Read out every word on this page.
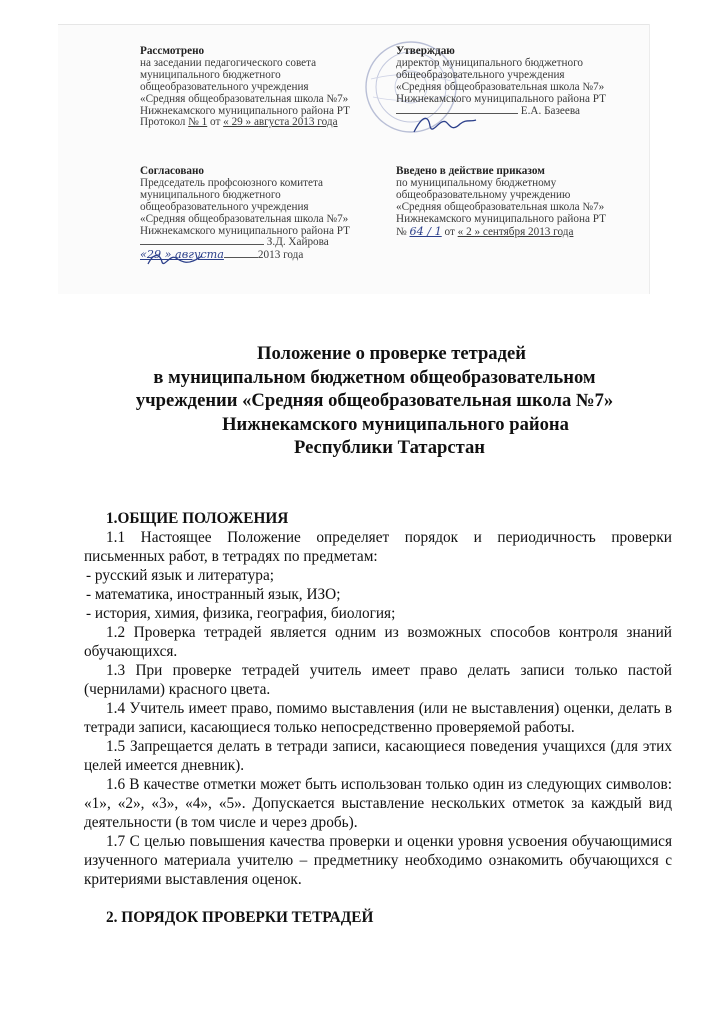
Рассмотрено

на заседании педагогического совета

муниципального бюджетного

общеобразовательного учреждения

«Средняя общеобразовательная школа №7»

Нижнекамского муниципального района РТ

Протокол № 1 от « 29 » августа 2013 года

Утверждаю

директор муниципального бюджетного

общеобразовательного учреждения

«Средняя общеобразовательная школа №7»

Нижнекамского муниципального района РТ

Е.А. Базеева

Согласовано

Председатель профсоюзного комитета

муниципального бюджетного

общеобразовательного учреждения

«Средняя общеобразовательная школа №7»

Нижнекамского муниципального района РТ

З.Д. Хайрова

«29 » августа	2013 года

Введено в действие приказом

по муниципальному бюджетному

общеобразовательному учреждению

«Средняя общеобразовательная школа №7»

Нижнекамского муниципального района РТ

№ 64 / 1 от « 2 » сентября 2013 года

Положение о проверке тетрадей

в муниципальном бюджетном общеобразовательном

учреждении «Средняя общеобразовательная школа №7»

Нижнекамского муниципального района

Республики Татарстан

1.ОБЩИЕ ПОЛОЖЕНИЯ

1.1 Настоящее Положение определяет порядок и периодичность проверки письменных работ, в тетрадях по предметам:

- русский язык и литература;

- математика, иностранный язык, ИЗО;

- история, химия, физика, география, биология;

1.2 Проверка тетрадей является одним из возможных способов контроля знаний обучающихся.

1.3 При проверке тетрадей учитель имеет право делать записи только пастой (чернилами) красного цвета.

1.4 Учитель имеет право, помимо выставления (или не выставления) оценки, делать в тетради записи, касающиеся только непосредственно проверяемой работы.

1.5 Запрещается делать в тетради записи, касающиеся поведения учащихся (для этих целей имеется дневник).

1.6 В качестве отметки может быть использован только один из следующих символов: «1», «2», «3», «4», «5». Допускается выставление нескольких отметок за каждый вид деятельности (в том числе и через дробь).

1.7 С целью повышения качества проверки и оценки уровня усвоения обучающимися изученного материала учителю – предметнику необходимо ознакомить обучающихся с критериями выставления оценок.

2. ПОРЯДОК ПРОВЕРКИ ТЕТРАДЕЙ
